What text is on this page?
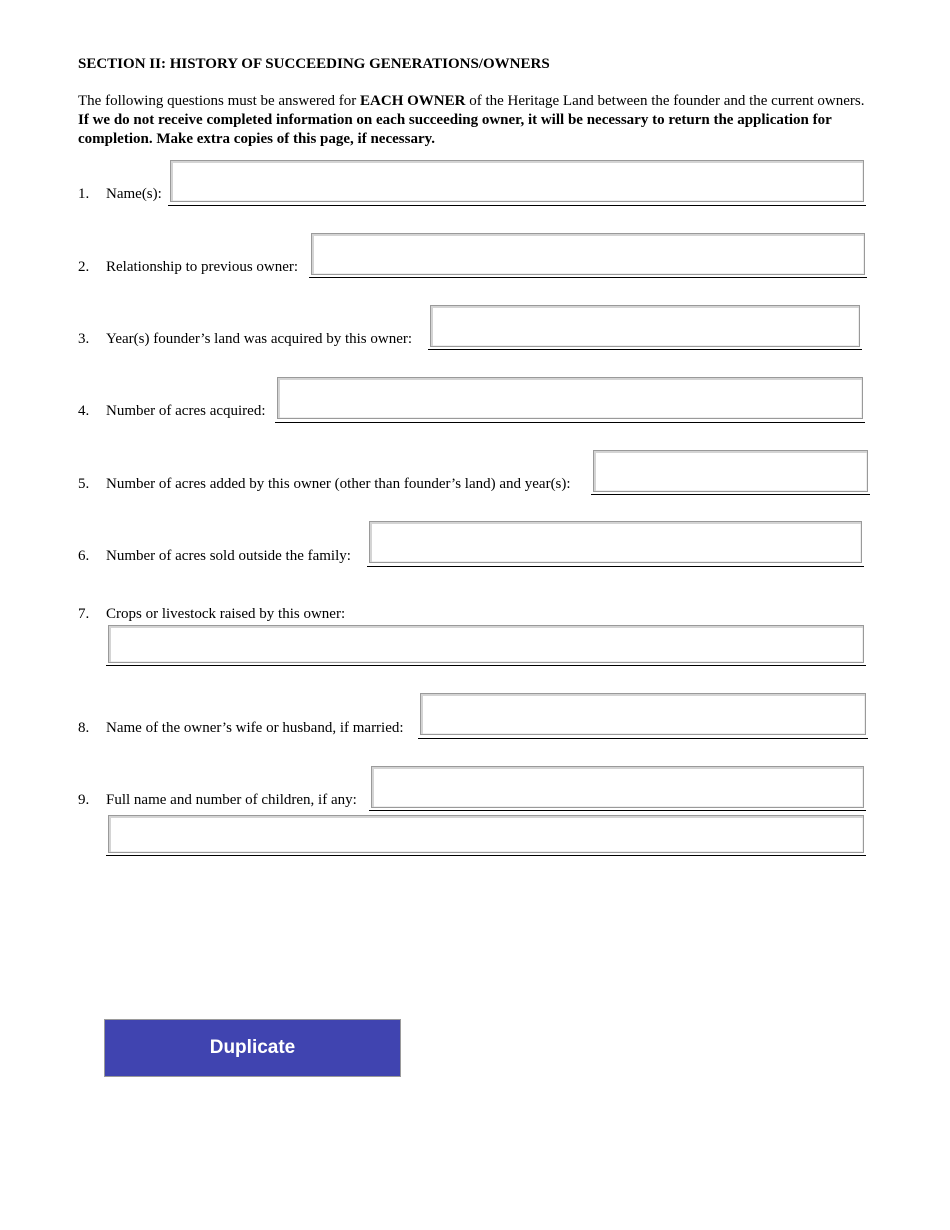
SECTION II: HISTORY OF SUCCEEDING GENERATIONS/OWNERS
The following questions must be answered for EACH OWNER of the Heritage Land between the founder and the current owners. If we do not receive completed information on each succeeding owner, it will be necessary to return the application for completion. Make extra copies of this page, if necessary.
1. Name(s):
2. Relationship to previous owner:
3. Year(s) founder’s land was acquired by this owner:
4. Number of acres acquired:
5. Number of acres added by this owner (other than founder’s land) and year(s):
6. Number of acres sold outside the family:
7. Crops or livestock raised by this owner:
8. Name of the owner’s wife or husband, if married:
9. Full name and number of children, if any:
Duplicate
